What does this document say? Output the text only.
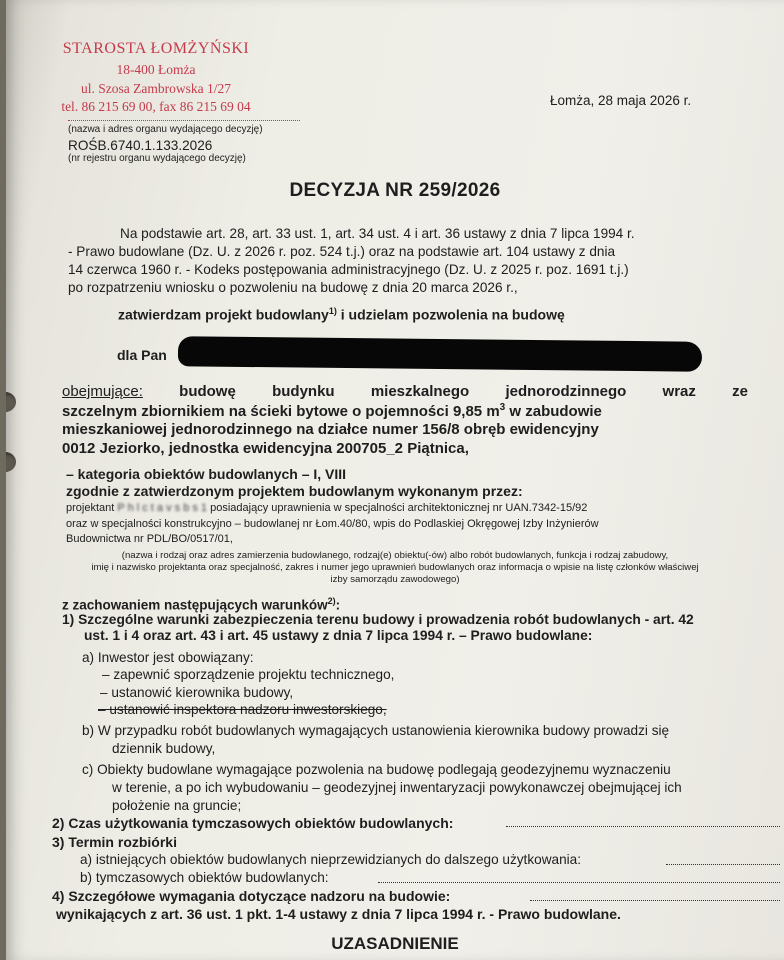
STAROSTA ŁOMŻYŃSKI
18-400 Łomża
ul. Szosa Zambrowska 1/27
tel. 86 215 69 00, fax 86 215 69 04	Łomża, 28 maja 2026 r.
(nazwa i adres organu wydającego decyzję)
ROŚB.6740.1.133.2026
(nr rejestru organu wydającego decyzję)
DECYZJA NR 259/2026
Na podstawie art. 28, art. 33 ust. 1, art. 34 ust. 4 i art. 36 ustawy z dnia 7 lipca 1994 r.
- Prawo budowlane (Dz. U. z 2026 r. poz. 524 t.j.) oraz na podstawie art. 104 ustawy z dnia
14 czerwca 1960 r. - Kodeks postępowania administracyjnego (Dz. U. z 2025 r. poz. 1691 t.j.)
po rozpatrzeniu wniosku o pozwoleniu na budowę z dnia 20 marca 2026 r.,
zatwierdzam projekt budowlany$^{1)}$ i udzielam pozwolenia na budowę
dla Pan
obejmujące: budowę budynku mieszkalnego jednorodzinnego wraz ze
szczelnym zbiornikiem na ścieki bytowe o pojemności 9,85 $m^3$ w zabudowie
mieszkaniowej jednorodzinnego na działce numer 156/8 obręb ewidencyjny
0012 Jeziorko, jednostka ewidencyjna 200705_2 Piątnica,
– kategoria obiektów budowlanych – I, VIII
zgodnie z zatwierdzonym projektem budowlanym wykonanym przez:
projektant P h l c t a v s b s 1 posiadający uprawnienia w specjalności architektonicznej nr UAN.7342-15/92
oraz w specjalności konstrukcyjno – budowlanej nr Łom.40/80, wpis do Podlaskiej Okręgowej Izby Inżynierów
Budownictwa nr PDL/BO/0517/01,
(nazwa i rodzaj oraz adres zamierzenia budowlanego, rodzaj(e) obiektu(-ów) albo robót budowlanych, funkcja i rodzaj zabudowy,
imię i nazwisko projektanta oraz specjalność, zakres i numer jego uprawnień budowlanych oraz informacja o wpisie na listę członków właściwej
izby samorządu zawodowego)
z zachowaniem następujących warunków$^{2)}$:
1) Szczególne warunki zabezpieczenia terenu budowy i prowadzenia robót budowlanych - art. 42
ust. 1 i 4 oraz art. 43 i art. 45 ustawy z dnia 7 lipca 1994 r. – Prawo budowlane:
a) Inwestor jest obowiązany:
– zapewnić sporządzenie projektu technicznego,
– ustanowić kierownika budowy,
– ustanowić inspektora nadzoru inwestorskiego,
b) W przypadku robót budowlanych wymagających ustanowienia kierownika budowy prowadzi się
dziennik budowy,
c) Obiekty budowlane wymagające pozwolenia na budowę podlegają geodezyjnemu wyznaczeniu
w terenie, a po ich wybudowaniu – geodezyjnej inwentaryzacji powykonawczej obejmującej ich
położenie na gruncie;
2) Czas użytkowania tymczasowych obiektów budowlanych:
3) Termin rozbiórki
a) istniejących obiektów budowlanych nieprzewidzianych do dalszego użytkowania:
b) tymczasowych obiektów budowlanych:
4) Szczegółowe wymagania dotyczące nadzoru na budowie:
wynikających z art. 36 ust. 1 pkt. 1-4 ustawy z dnia 7 lipca 1994 r. - Prawo budowlane.
UZASADNIENIE
